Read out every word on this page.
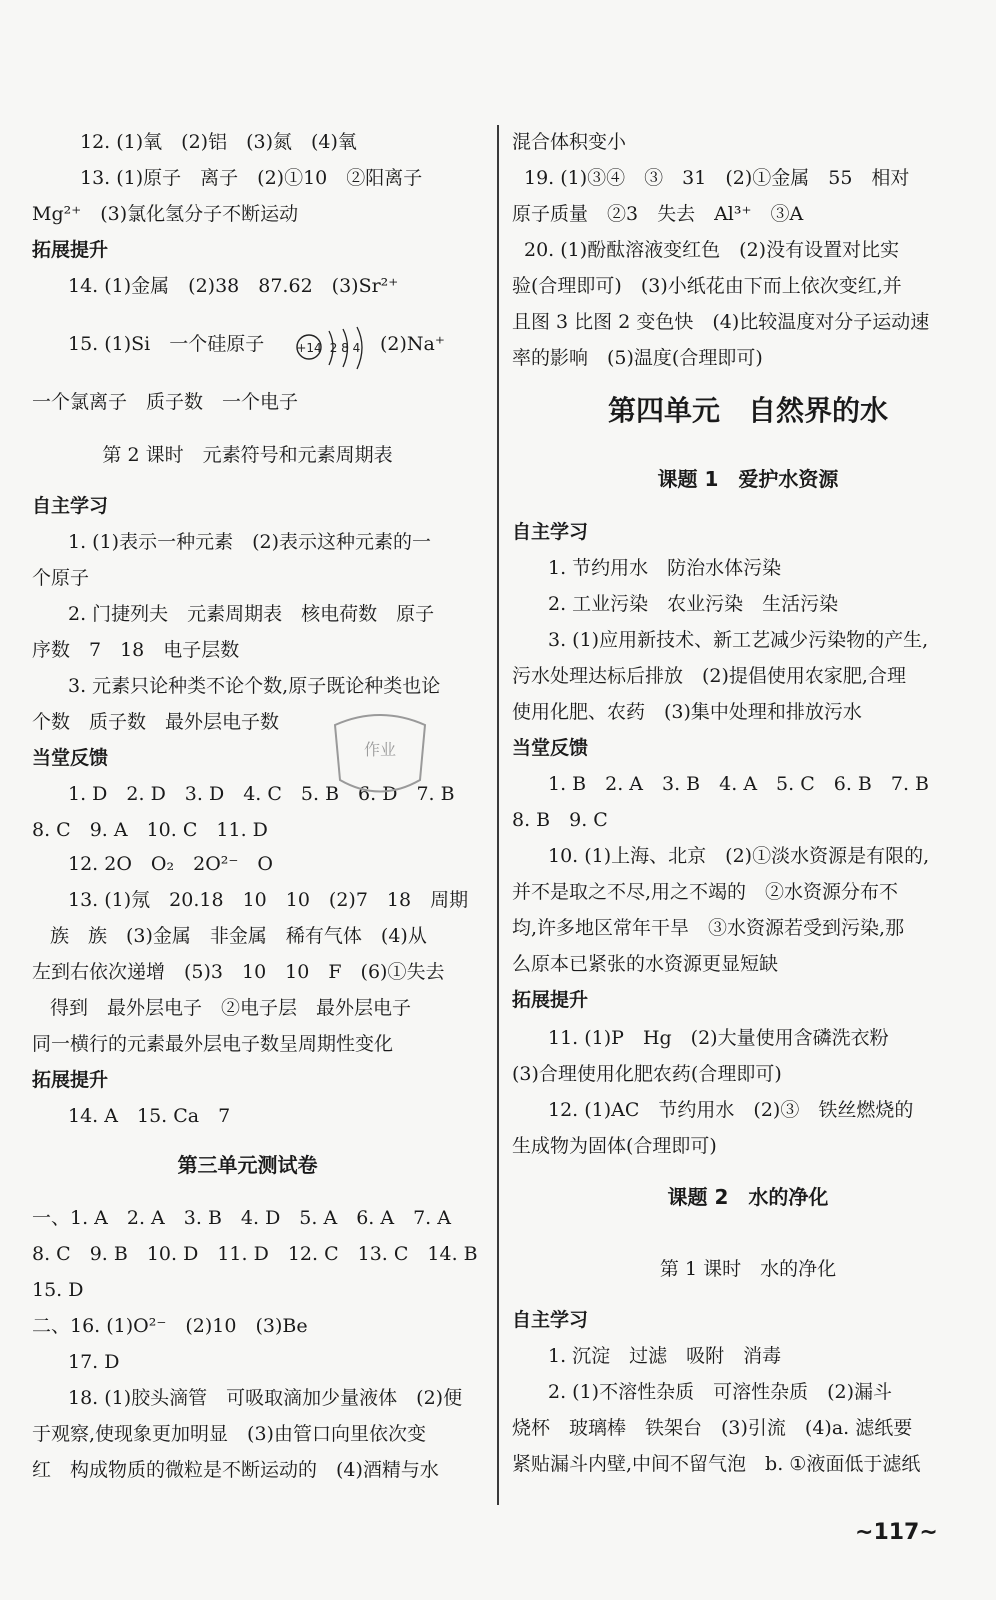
12. (1)氧　(2)铝　(3)氮　(4)氧
13. (1)原子　离子　(2)①10　②阳离子
Mg²⁺　(3)氯化氢分子不断运动
拓展提升
14. (1)金属　(2)38　87.62　(3)Sr²⁺
15. (1)Si　一个硅原子	+14 2 8 4 (2)Na⁺
一个氯离子　质子数　一个电子
第 2 课时　元素符号和元素周期表
自主学习
1. (1)表示一种元素　(2)表示这种元素的一
个原子
2. 门捷列夫　元素周期表　核电荷数　原子
序数　7　18　电子层数
3. 元素只论种类不论个数,原子既论种类也论
个数　质子数　最外层电子数
当堂反馈
1. D　2. D　3. D　4. C　5. B　6. D　7. B
8. C　9. A　10. C　11. D
12. 2O　O₂　2O²⁻　O
13. (1)氖　20.18　10　10　(2)7　18　周期
族　族　(3)金属　非金属　稀有气体　(4)从
左到右依次递增　(5)3　10　10　F　(6)①失去
得到　最外层电子　②电子层　最外层电子
同一横行的元素最外层电子数呈周期性变化
拓展提升
14. A　15. Ca　7
第三单元测试卷
一、1. A　2. A　3. B　4. D　5. A　6. A　7. A
8. C　9. B　10. D　11. D　12. C　13. C　14. B
15. D
二、16. (1)O²⁻　(2)10　(3)Be
17. D
18. (1)胶头滴管　可吸取滴加少量液体　(2)便
于观察,使现象更加明显　(3)由管口向里依次变
红　构成物质的微粒是不断运动的　(4)酒精与水
作业
混合体积变小
19. (1)③④　③　31　(2)①金属　55　相对
原子质量　②3　失去　Al³⁺　③A
20. (1)酚酞溶液变红色　(2)没有设置对比实
验(合理即可)　(3)小纸花由下而上依次变红,并
且图 3 比图 2 变色快　(4)比较温度对分子运动速
率的影响　(5)温度(合理即可)
第四单元　自然界的水
课题 1　爱护水资源
自主学习
1. 节约用水　防治水体污染
2. 工业污染　农业污染　生活污染
3. (1)应用新技术、新工艺减少污染物的产生,
污水处理达标后排放　(2)提倡使用农家肥,合理
使用化肥、农药　(3)集中处理和排放污水
当堂反馈
1. B　2. A　3. B　4. A　5. C　6. B　7. B
8. B　9. C
10. (1)上海、北京　(2)①淡水资源是有限的,
并不是取之不尽,用之不竭的　②水资源分布不
均,许多地区常年干旱　③水资源若受到污染,那
么原本已紧张的水资源更显短缺
拓展提升
11. (1)P　Hg　(2)大量使用含磷洗衣粉
(3)合理使用化肥农药(合理即可)
12. (1)AC　节约用水　(2)③　铁丝燃烧的
生成物为固体(合理即可)
课题 2　水的净化
第 1 课时　水的净化
自主学习
1. 沉淀　过滤　吸附　消毒
2. (1)不溶性杂质　可溶性杂质　(2)漏斗
烧杯　玻璃棒　铁架台　(3)引流　(4)a. 滤纸要
紧贴漏斗内壁,中间不留气泡　b. ①液面低于滤纸
~117~
